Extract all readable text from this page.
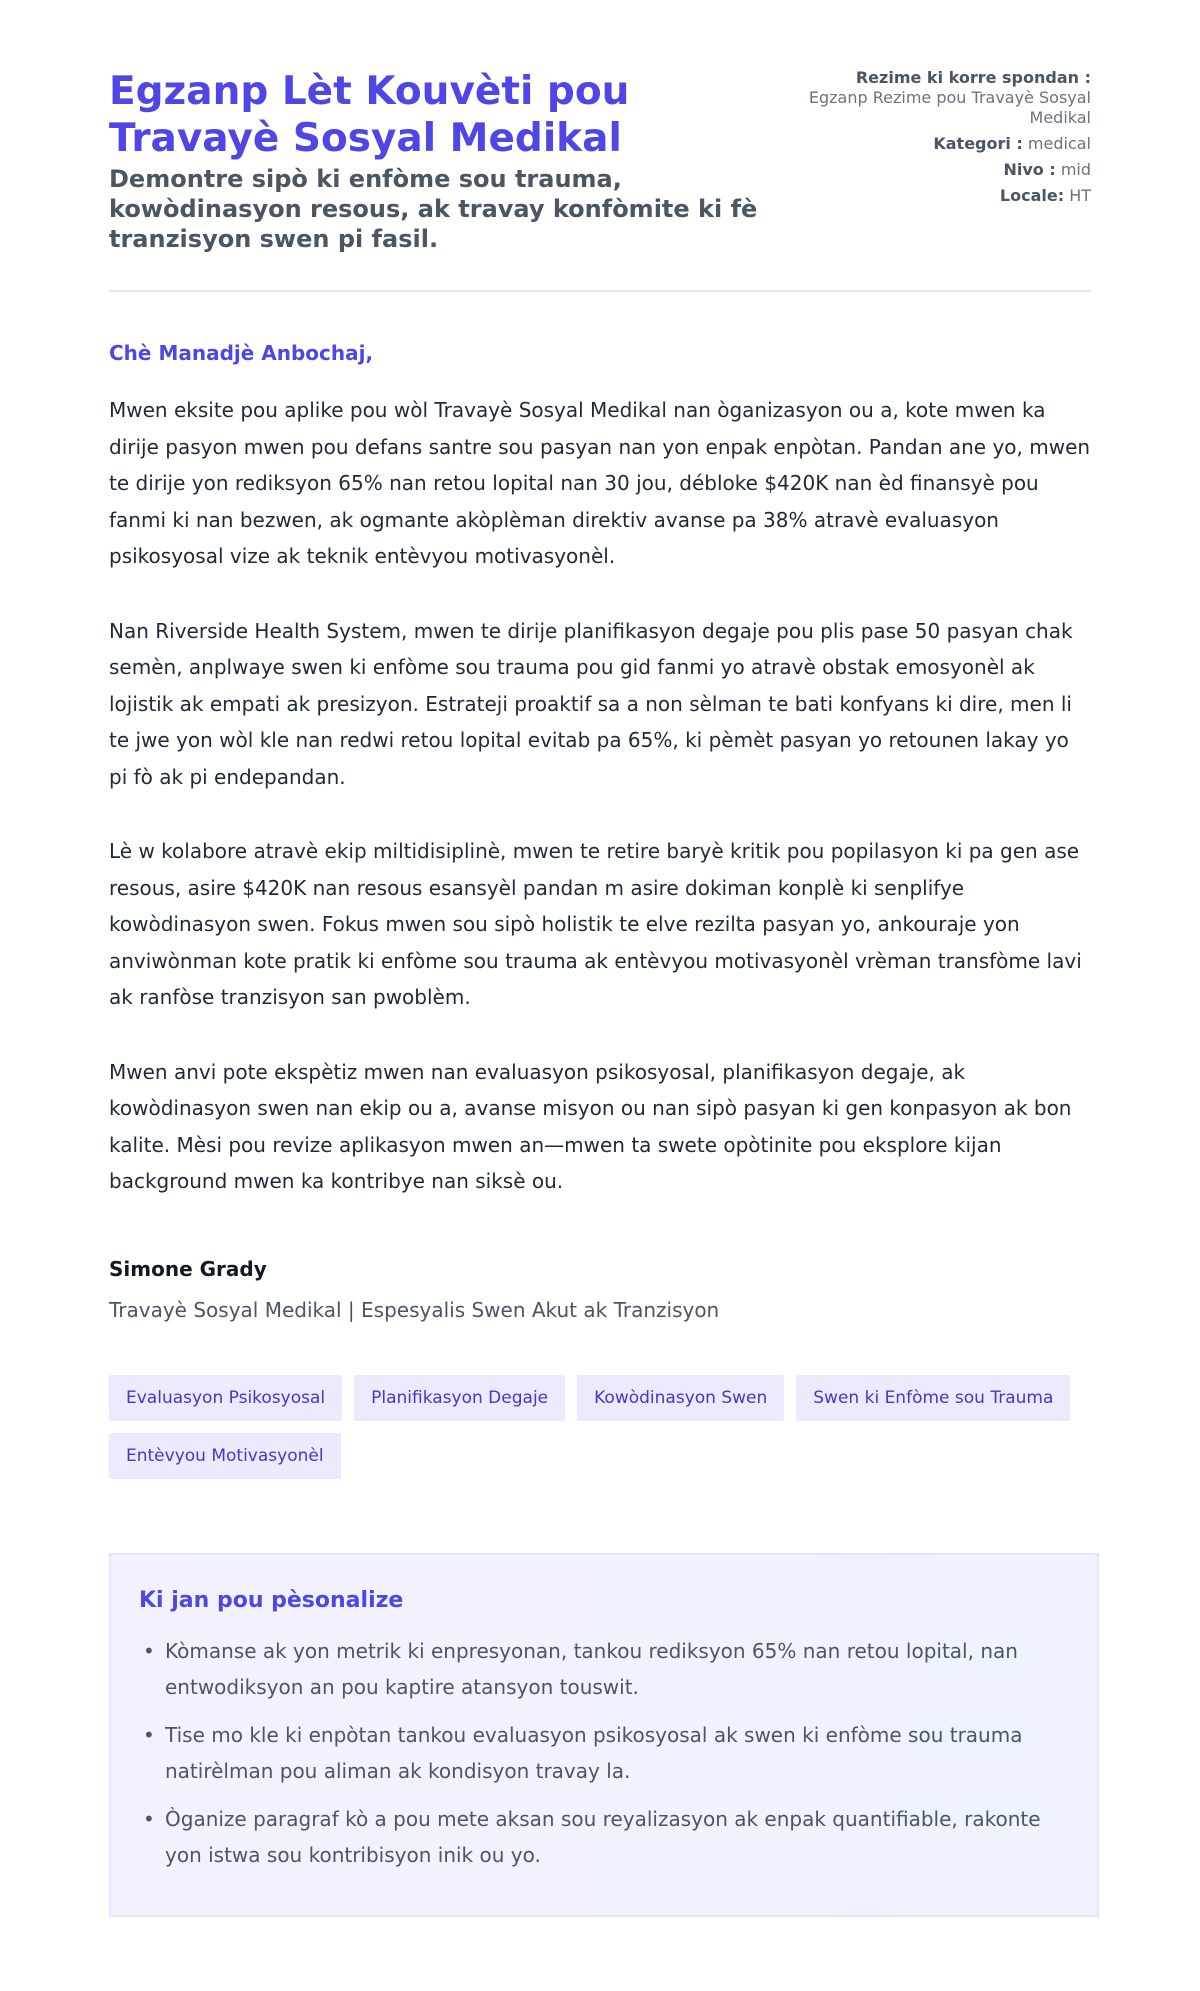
Egzanp Lèt Kouvèti pou Travayè Sosyal Medikal
Demontre sipò ki enfòme sou trauma, kowòdinasyon resous, ak travay konfòmite ki fè tranzisyon swen pi fasil.
Rezime ki korre spondan :
Egzanp Rezime pou Travayè Sosyal Medikal
Kategori : medical
Nivo : mid
Locale: HT
Chè Manadjè Anbochaj,

Mwen eksite pou aplike pou wòl Travayè Sosyal Medikal nan òganizasyon ou a, kote mwen ka dirije pasyon mwen pou defans santre sou pasyan nan yon enpak enpòtan. Pandan ane yo, mwen te dirije yon rediksyon 65% nan retou lopital nan 30 jou, débloke $420K nan èd finansyè pou fanmi ki nan bezwen, ak ogmante akòplèman direktiv avanse pa 38% atravè evaluasyon psikosyosal vize ak teknik entèvyou motivasyonèl.

Nan Riverside Health System, mwen te dirije planifikasyon degaje pou plis pase 50 pasyan chak semèn, anplwaye swen ki enfòme sou trauma pou gid fanmi yo atravè obstak emosyonèl ak lojistik ak empati ak presizyon. Estrateji proaktif sa a non sèlman te bati konfyans ki dire, men li te jwe yon wòl kle nan redwi retou lopital evitab pa 65%, ki pèmèt pasyan yo retounen lakay yo pi fò ak pi endepandan.

Lè w kolabore atravè ekip miltidisiplinè, mwen te retire baryè kritik pou popilasyon ki pa gen ase resous, asire $420K nan resous esansyèl pandan m asire dokiman konplè ki senplifye kowòdinasyon swen. Fokus mwen sou sipò holistik te elve rezilta pasyan yo, ankouraje yon anviwònman kote pratik ki enfòme sou trauma ak entèvyou motivasyonèl vrèman transfòme lavi ak ranfòse tranzisyon san pwoblèm.

Mwen anvi pote ekspètiz mwen nan evaluasyon psikosyosal, planifikasyon degaje, ak kowòdinasyon swen nan ekip ou a, avanse misyon ou nan sipò pasyan ki gen konpasyon ak bon kalite. Mèsi pou revize aplikasyon mwen an—mwen ta swete opòtinite pou eksplore kijan background mwen ka kontribye nan siksè ou.

Simone Grady
Travayè Sosyal Medikal | Espesyalis Swen Akut ak Tranzisyon
Evaluasyon Psikosyosal	Planifikasyon Degaje	Kowòdinasyon Swen	Swen ki Enfòme sou Trauma
Entèvyou Motivasyonèl
Ki jan pou pèsonalize
• Kòmanse ak yon metrik ki enpresyonan, tankou rediksyon 65% nan retou lopital, nan entwodiksyon an pou kaptire atansyon touswit.
• Tise mo kle ki enpòtan tankou evaluasyon psikosyosal ak swen ki enfòme sou trauma natirèlman pou aliman ak kondisyon travay la.
• Òganize paragraf kò a pou mete aksan sou reyalizasyon ak enpak quantifiable, rakonte yon istwa sou kontribisyon inik ou yo.
